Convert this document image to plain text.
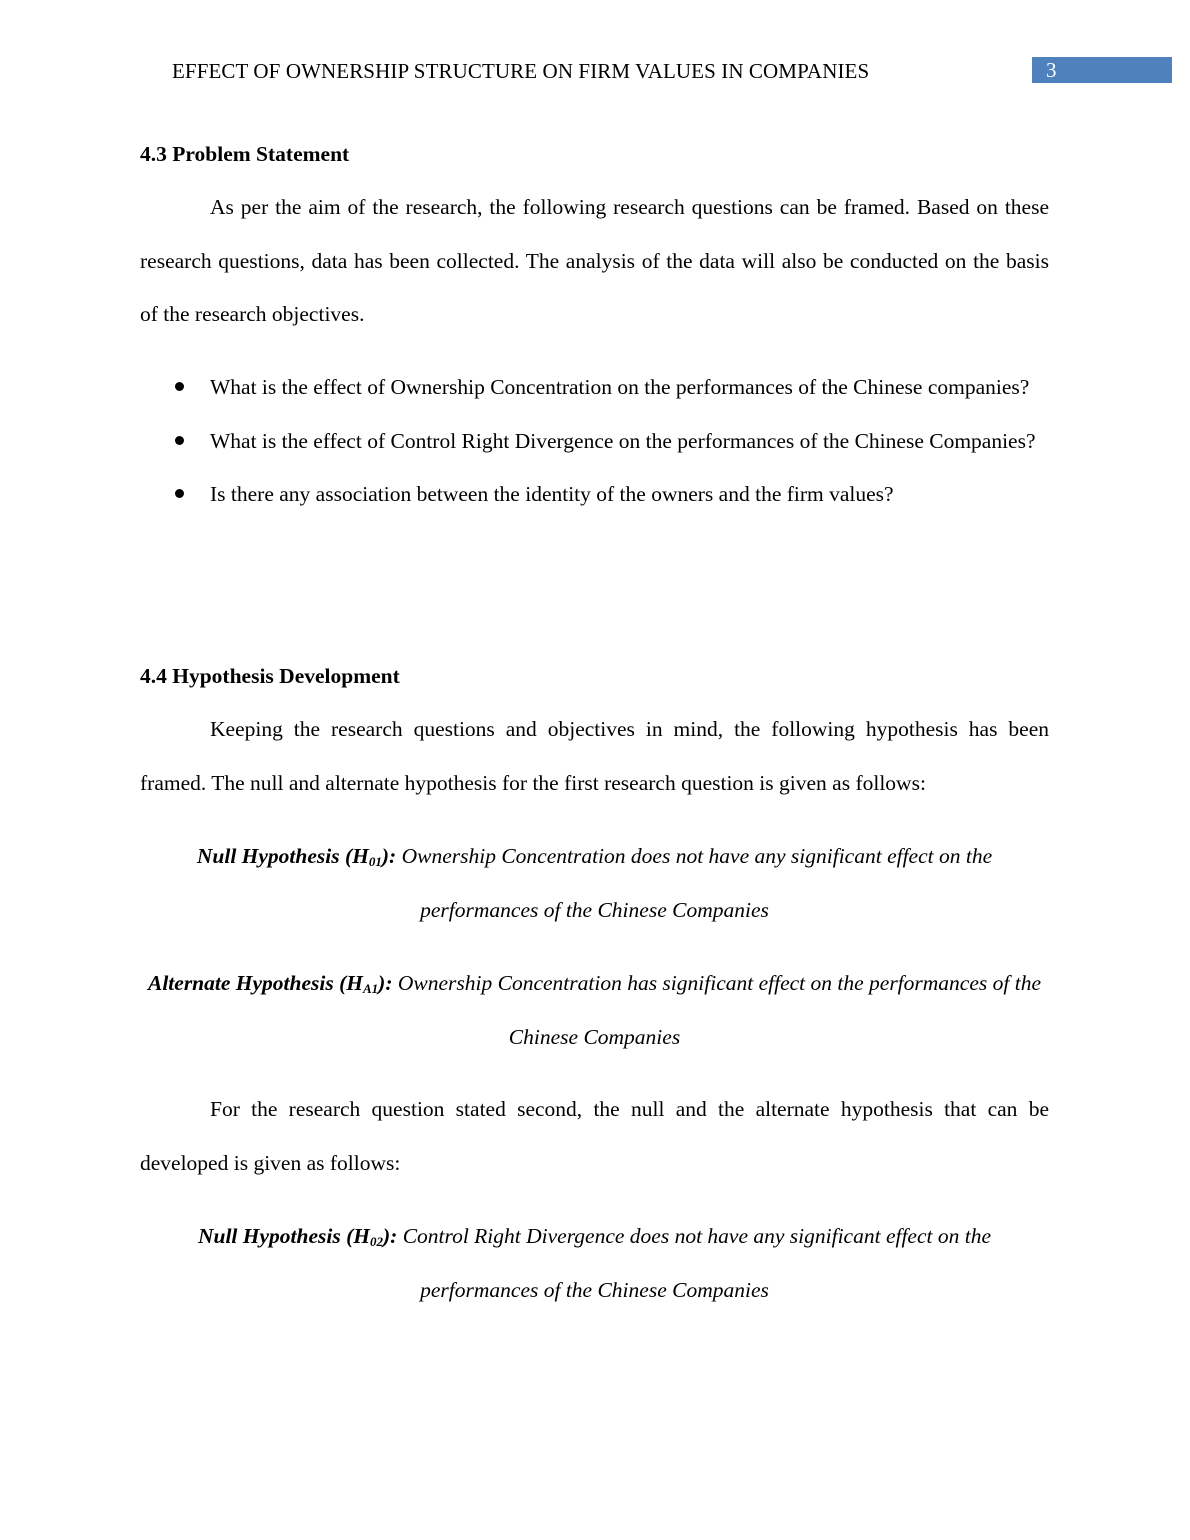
EFFECT OF OWNERSHIP STRUCTURE ON FIRM VALUES IN COMPANIES	3
4.3 Problem Statement

As per the aim of the research, the following research questions can be framed. Based on these research questions, data has been collected. The analysis of the data will also be conducted on the basis of the research objectives.

What is the effect of Ownership Concentration on the performances of the Chinese companies?
What is the effect of Control Right Divergence on the performances of the Chinese Companies?
Is there any association between the identity of the owners and the firm values?
4.4 Hypothesis Development

Keeping the research questions and objectives in mind, the following hypothesis has been framed. The null and alternate hypothesis for the first research question is given as follows:

Null Hypothesis $(H_{01})$: Ownership Concentration does not have any significant effect on the performances of the Chinese Companies
Alternate Hypothesis $(H_{A1})$: Ownership Concentration has significant effect on the performances of the Chinese Companies

For the research question stated second, the null and the alternate hypothesis that can be developed is given as follows:

Null Hypothesis $(H_{02})$: Control Right Divergence does not have any significant effect on the performances of the Chinese Companies
